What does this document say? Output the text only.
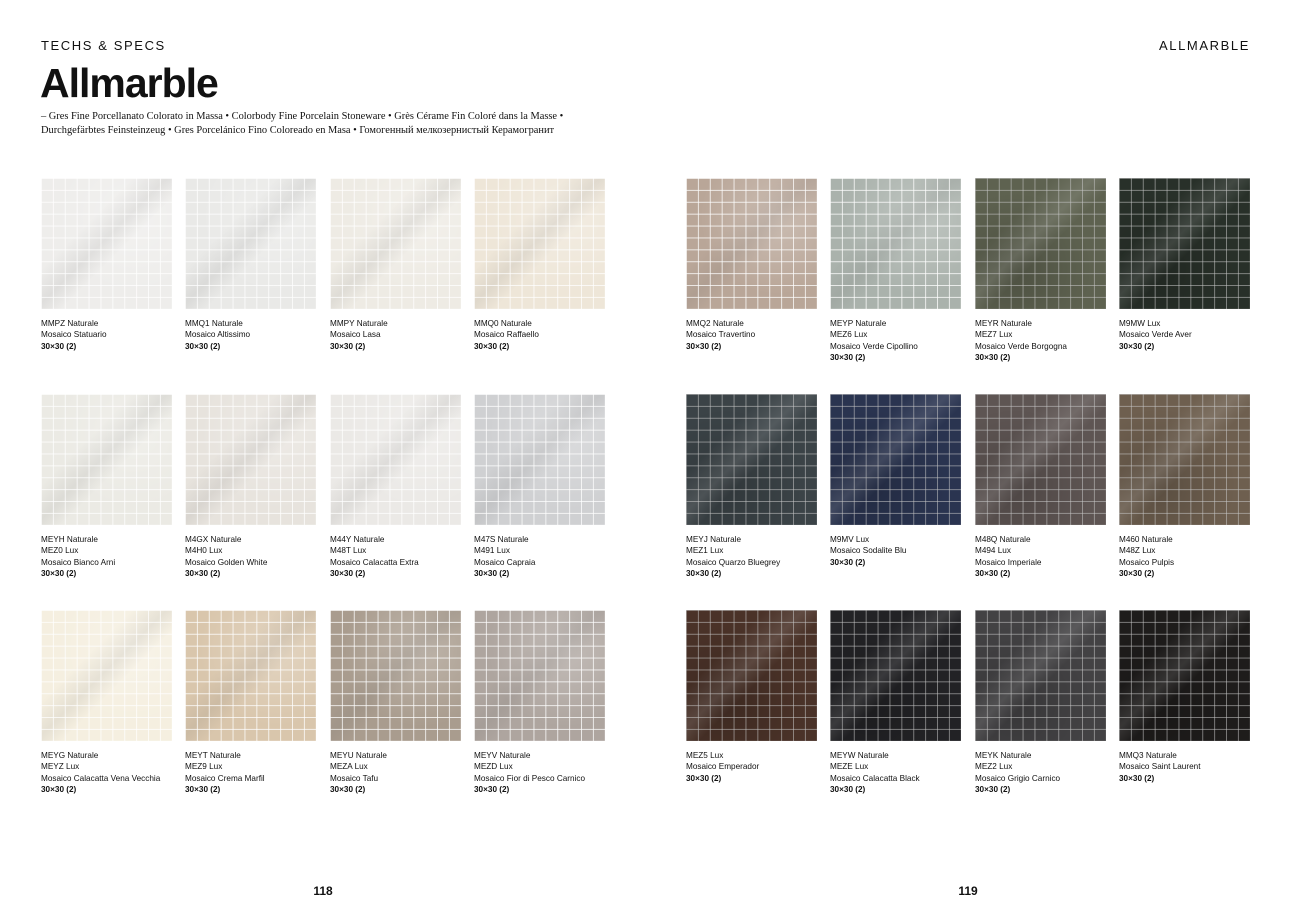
TECHS & SPECS	ALLMARBLE
Allmarble
– Gres Fine Porcellanato Colorato in Massa • Colorbody Fine Porcelain Stoneware • Grès Cérame Fin Coloré dans la Masse •
Durchgefärbtes Feinsteinzeug • Gres Porcelánico Fino Coloreado en Masa • Гомогенный мелкозернистый Керамогранит
MMPZ Naturale
Mosaico Statuario
30×30 (2)
MMQ1 Naturale
Mosaico Altissimo
30×30 (2)
MMPY Naturale
Mosaico Lasa
30×30 (2)
MMQ0 Naturale
Mosaico Raffaello
30×30 (2)
MMQ2 Naturale
Mosaico Travertino
30×30 (2)
MEYP Naturale
MEZ6 Lux
Mosaico Verde Cipollino
30×30 (2)
MEYR Naturale
MEZ7 Lux
Mosaico Verde Borgogna
30×30 (2)
M9MW Lux
Mosaico Verde Aver
30×30 (2)
MEYH Naturale
MEZ0 Lux
Mosaico Bianco Arni
30×30 (2)
M4GX Naturale
M4H0 Lux
Mosaico Golden White
30×30 (2)
M44Y Naturale
M48T Lux
Mosaico Calacatta Extra
30×30 (2)
M47S Naturale
M491 Lux
Mosaico Capraia
30×30 (2)
MEYJ Naturale
MEZ1 Lux
Mosaico Quarzo Bluegrey
30×30 (2)
M9MV Lux
Mosaico Sodalite Blu
30×30 (2)
M48Q Naturale
M494 Lux
Mosaico Imperiale
30×30 (2)
M460 Naturale
M48Z Lux
Mosaico Pulpis
30×30 (2)
MEYG Naturale
MEYZ Lux
Mosaico Calacatta Vena Vecchia
30×30 (2)
MEYT Naturale
MEZ9 Lux
Mosaico Crema Marfil
30×30 (2)
MEYU Naturale
MEZA Lux
Mosaico Tafu
30×30 (2)
MEYV Naturale
MEZD Lux
Mosaico Fior di Pesco Carnico
30×30 (2)
MEZ5 Lux
Mosaico Emperador
30×30 (2)
MEYW Naturale
MEZE Lux
Mosaico Calacatta Black
30×30 (2)
MEYK Naturale
MEZ2 Lux
Mosaico Grigio Carnico
30×30 (2)
MMQ3 Naturale
Mosaico Saint Laurent
30×30 (2)
118	119
